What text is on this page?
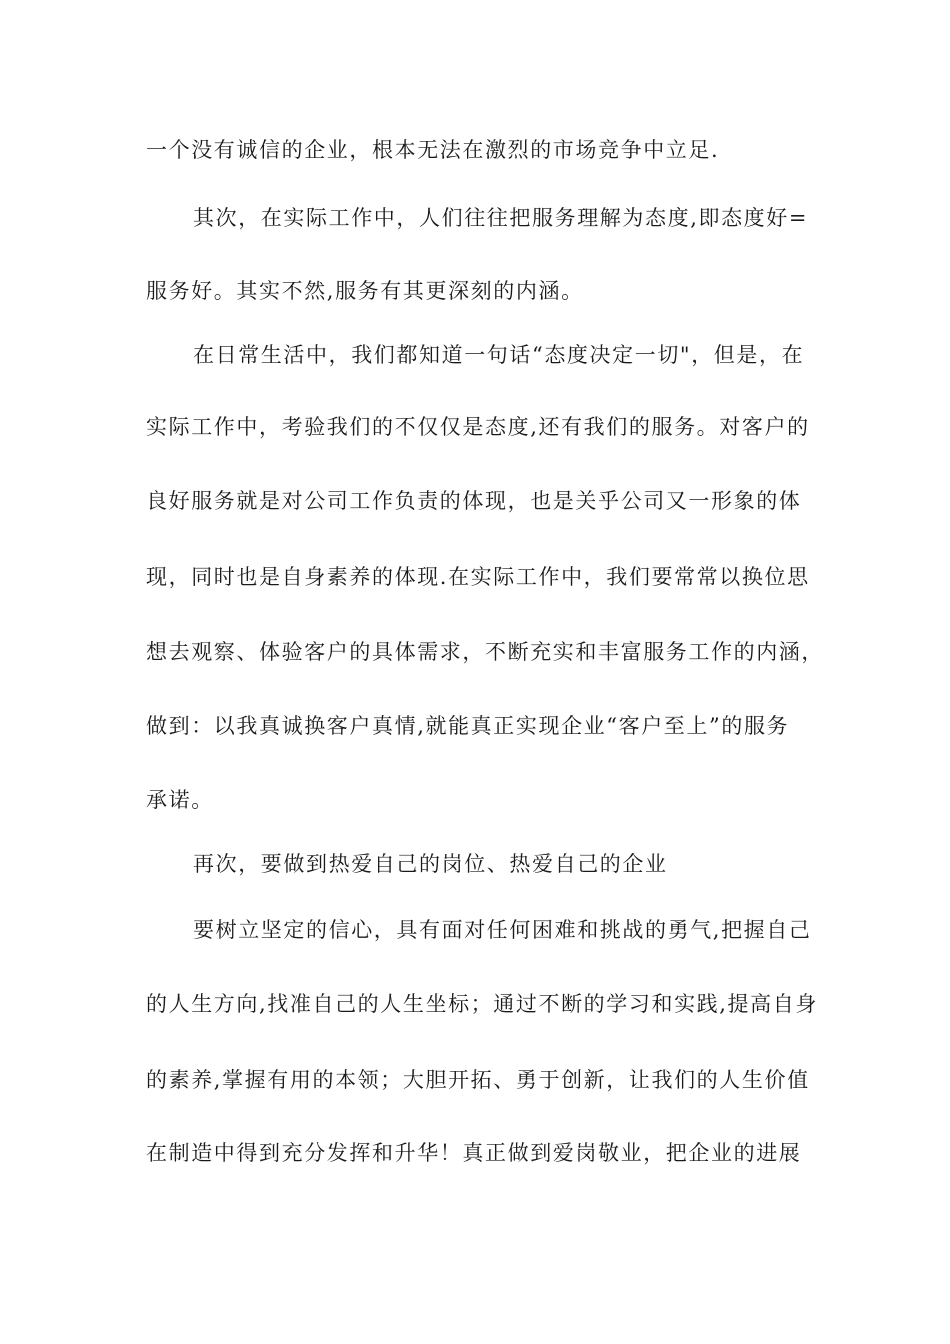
一个没有诚信的企业，根本无法在激烈的市场竞争中立足.
其次，在实际工作中，人们往往把服务理解为态度,即态度好=
服务好。其实不然,服务有其更深刻的内涵。
在日常生活中，我们都知道一句话“态度决定一切"，但是，在
实际工作中，考验我们的不仅仅是态度,还有我们的服务。对客户的
良好服务就是对公司工作负责的体现，也是关乎公司又一形象的体
现，同时也是自身素养的体现.在实际工作中，我们要常常以换位思
想去观察、体验客户的具体需求，不断充实和丰富服务工作的内涵，
做到：以我真诚换客户真情,就能真正实现企业“客户至上”的服务
承诺。
再次，要做到热爱自己的岗位、热爱自己的企业
要树立坚定的信心，具有面对任何困难和挑战的勇气,把握自己
的人生方向,找准自己的人生坐标；通过不断的学习和实践,提高自身
的素养,掌握有用的本领；大胆开拓、勇于创新，让我们的人生价值
在制造中得到充分发挥和升华！真正做到爱岗敬业，把企业的进展
